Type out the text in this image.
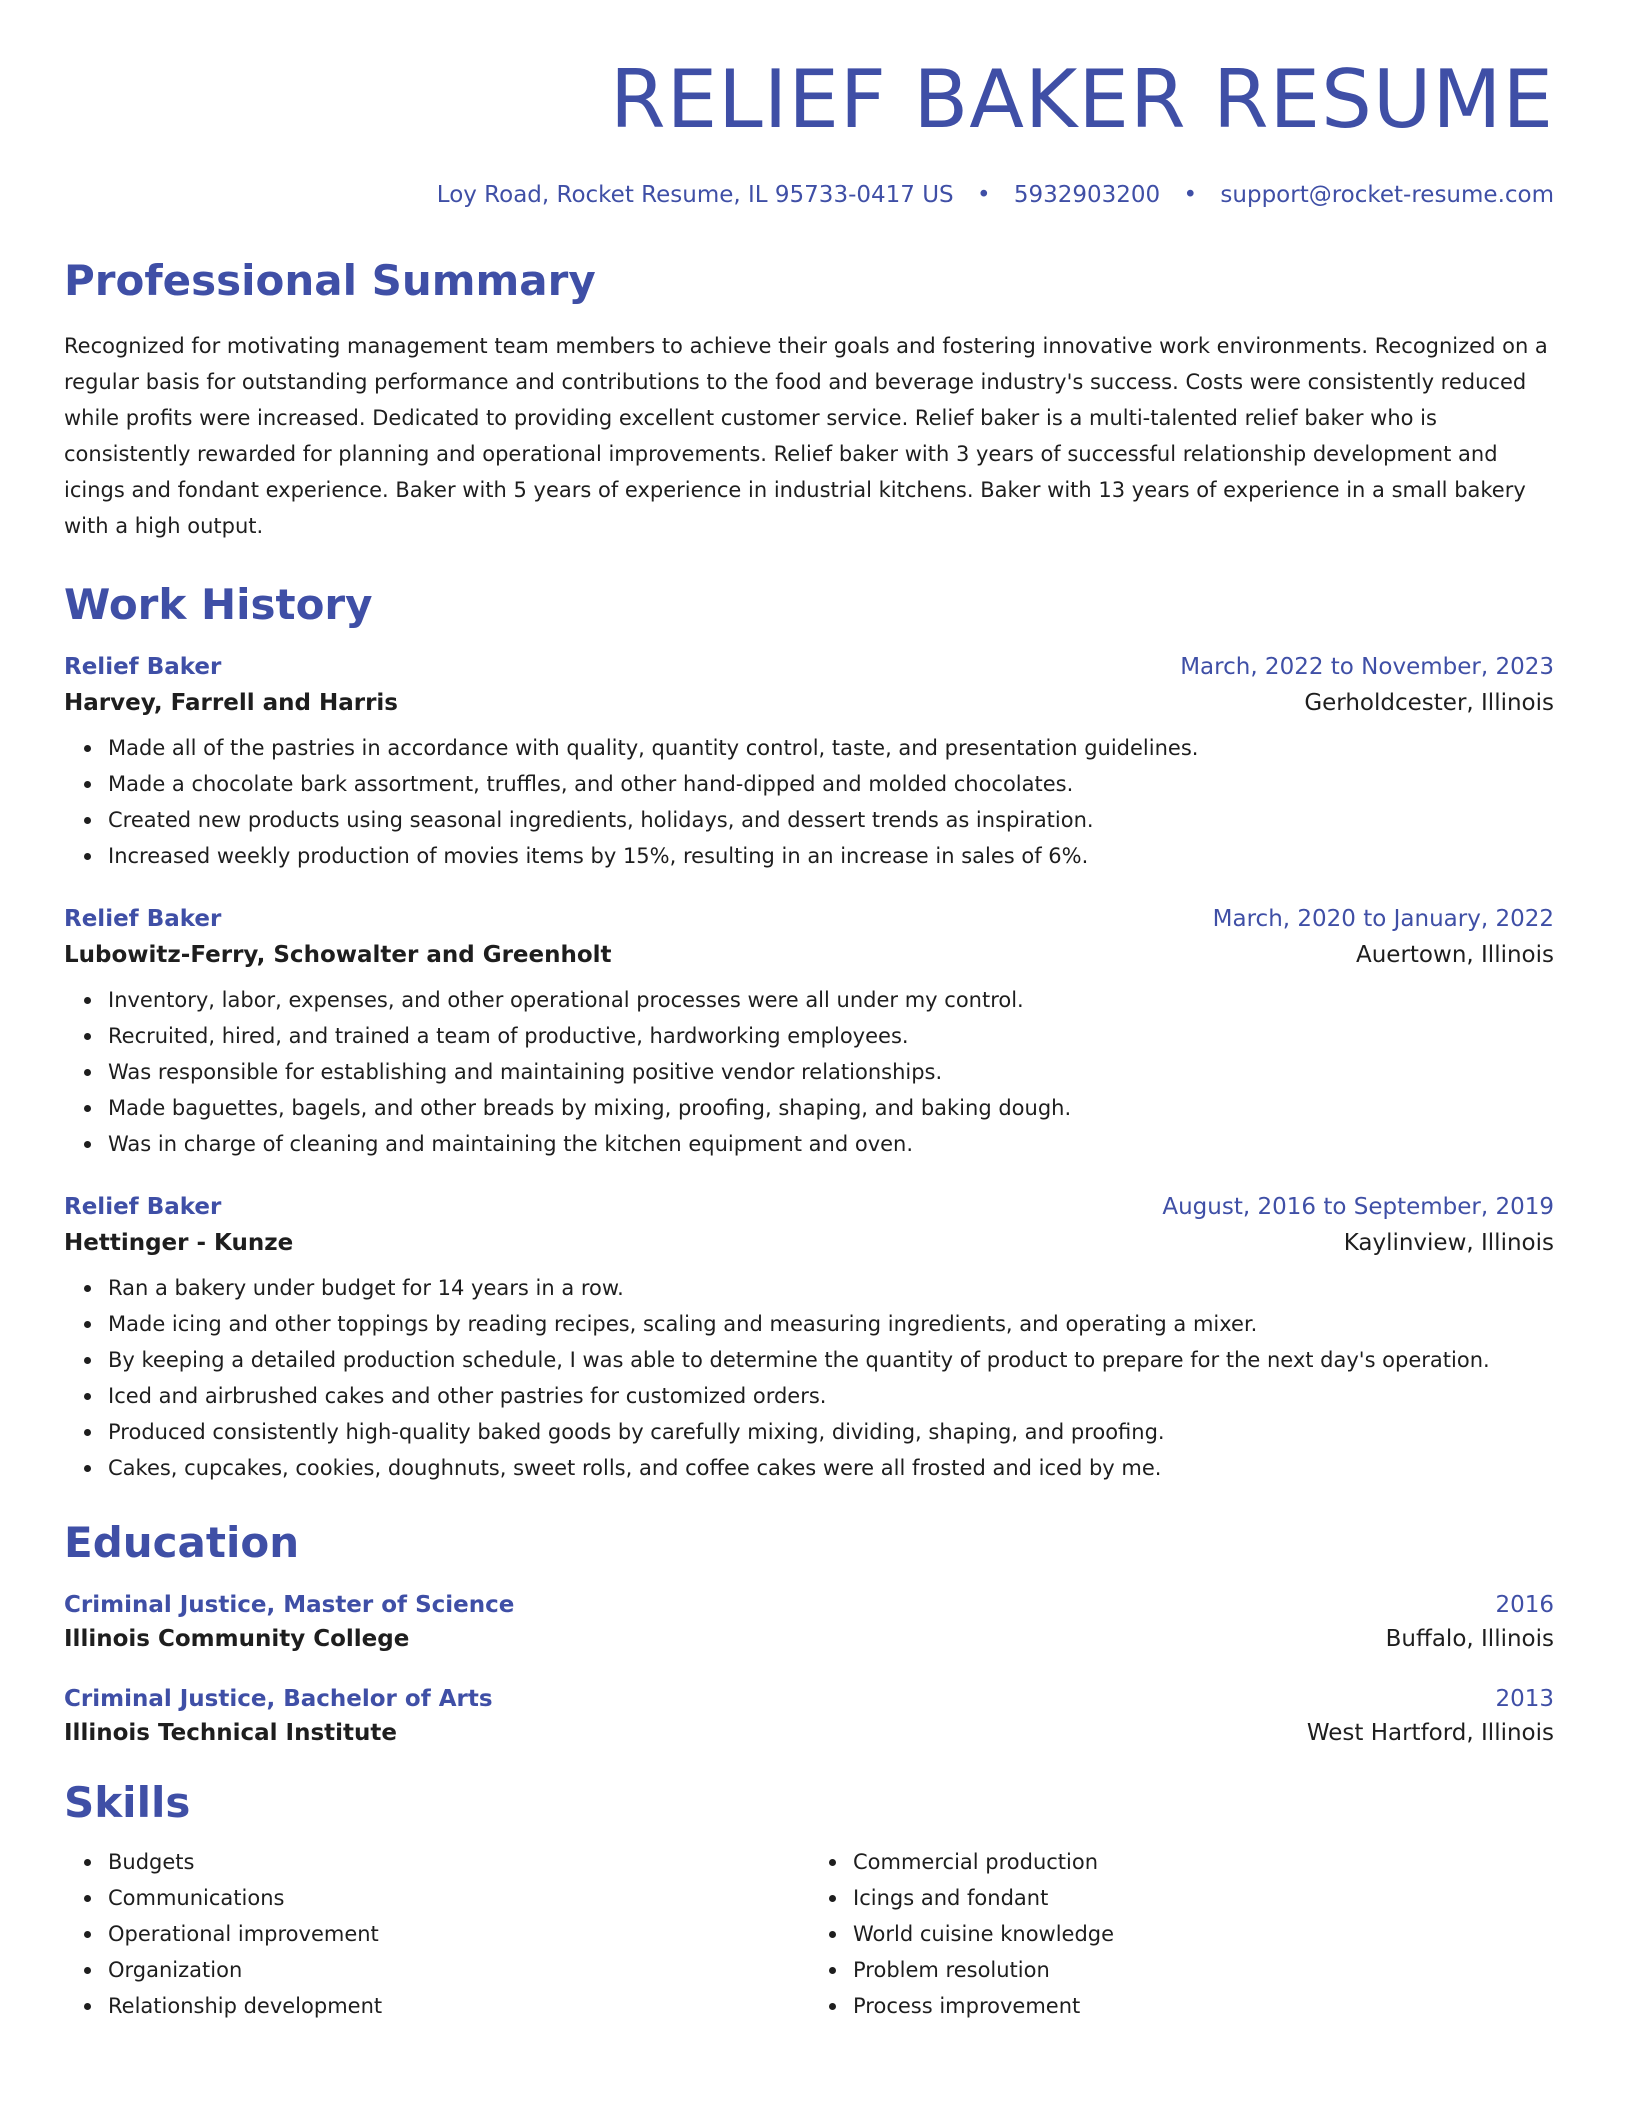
RELIEF BAKER RESUME
Loy Road, Rocket Resume, IL 95733-0417 US • 5932903200 • support@rocket-resume.com
Professional Summary
Recognized for motivating management team members to achieve their goals and fostering innovative work environments. Recognized on a regular basis for outstanding performance and contributions to the food and beverage industry's success. Costs were consistently reduced while profits were increased. Dedicated to providing excellent customer service. Relief baker is a multi-talented relief baker who is consistently rewarded for planning and operational improvements. Relief baker with 3 years of successful relationship development and icings and fondant experience. Baker with 5 years of experience in industrial kitchens. Baker with 13 years of experience in a small bakery with a high output.
Work History
Relief Baker	March, 2022 to November, 2023
Harvey, Farrell and Harris	Gerholdcester, Illinois
Made all of the pastries in accordance with quality, quantity control, taste, and presentation guidelines.
Made a chocolate bark assortment, truffles, and other hand-dipped and molded chocolates.
Created new products using seasonal ingredients, holidays, and dessert trends as inspiration.
Increased weekly production of movies items by 15%, resulting in an increase in sales of 6%.
Relief Baker	March, 2020 to January, 2022
Lubowitz-Ferry, Schowalter and Greenholt	Auertown, Illinois
Inventory, labor, expenses, and other operational processes were all under my control.
Recruited, hired, and trained a team of productive, hardworking employees.
Was responsible for establishing and maintaining positive vendor relationships.
Made baguettes, bagels, and other breads by mixing, proofing, shaping, and baking dough.
Was in charge of cleaning and maintaining the kitchen equipment and oven.
Relief Baker	August, 2016 to September, 2019
Hettinger - Kunze	Kaylinview, Illinois
Ran a bakery under budget for 14 years in a row.
Made icing and other toppings by reading recipes, scaling and measuring ingredients, and operating a mixer.
By keeping a detailed production schedule, I was able to determine the quantity of product to prepare for the next day's operation.
Iced and airbrushed cakes and other pastries for customized orders.
Produced consistently high-quality baked goods by carefully mixing, dividing, shaping, and proofing.
Cakes, cupcakes, cookies, doughnuts, sweet rolls, and coffee cakes were all frosted and iced by me.
Education
Criminal Justice, Master of Science	2016
Illinois Community College	Buffalo, Illinois
Criminal Justice, Bachelor of Arts	2013
Illinois Technical Institute	West Hartford, Illinois
Skills
Budgets
Communications
Operational improvement
Organization
Relationship development
Commercial production
Icings and fondant
World cuisine knowledge
Problem resolution
Process improvement
